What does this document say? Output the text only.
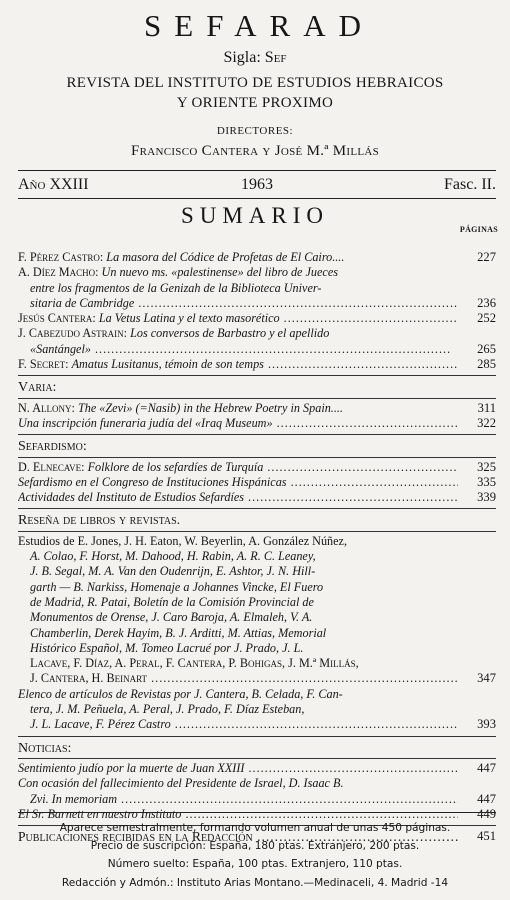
SEFARAD
Sigla: Sef
REVISTA DEL INSTITUTO DE ESTUDIOS HEBRAICOS
Y ORIENTE PROXIMO
DIRECTORES:
Francisco Cantera y José M.ª Millás
Año XXIII	1963	Fasc. II.
SUMARIO
PÁGINAS
F. Pérez Castro: La masora del Códice de Profetas de El Cairo....	227
A. Díez Macho: Un nuevo ms. «palestinense» del libro de Jueces
entre los fragmentos de la Genizah de la Biblioteca Univer-
sitaria de Cambridge .....	236
Jesús Cantera: La Vetus Latina y el texto masorético .....	252
J. Cabezudo Astrain: Los conversos de Barbastro y el apellido
«Santángel» .....	265
F. Secret: Amatus Lusitanus, témoin de son temps .....	285
Varia:
N. Allony: The «Zevi» (=Nasib) in the Hebrew Poetry in Spain....	311
Una inscripción funeraria judía del «Iraq Museum» .....	322
Sefardismo:
D. Elnecave: Folklore de los sefardíes de Turquía .....	325
Sefardismo en el Congreso de Instituciones Hispánicas .....	335
Actividades del Instituto de Estudios Sefardíes .....	339
Reseña de libros y revistas.
Estudios de E. Jones, J. H. Eaton, W. Beyerlin, A. González Núñez,
A. Colao, F. Horst, M. Dahood, H. Rabin, A. R. C. Leaney,
J. B. Segal, M. A. Van den Oudenrijn, E. Ashtor, J. N. Hill-
garth — B. Narkiss, Homenaje a Johannes Vincke, El Fuero
de Madrid, R. Patai, Boletín de la Comisión Provincial de
Monumentos de Orense, J. Caro Baroja, A. Elmaleh, V. A.
Chamberlin, Derek Hayim, B. J. Arditti, M. Attias, Memorial
Histórico Español, M. Tomeo Lacrué por J. Prado, J. L.
Lacave, F. Díaz, A. Peral, F. Cantera, P. Bohigas, J. M.ª Millás,
J. Cantera, H. Beinart .....	347
Elenco de artículos de Revistas por J. Cantera, B. Celada, F. Can-
tera, J. M. Peñuela, A. Peral, J. Prado, F. Díaz Esteban,
J. L. Lacave, F. Pérez Castro .....	393
Noticias:
Sentimiento judío por la muerte de Juan XXIII .....	447
Con ocasión del fallecimiento del Presidente de Israel, D. Isaac B.
Zvi. In memoriam .....	447
El Sr. Barnett en nuestro Instituto .....	449
Publicaciones recibidas en la Redacción .....	451
Aparece semestralmente, formando volumen anual de unas 450 páginas.
Precio de suscripción: España, 180 ptas. Extranjero, 200 ptas.
Número suelto: España, 100 ptas. Extranjero, 110 ptas.
Redacción y Admón.: Instituto Arias Montano.—Medinaceli, 4. Madrid -14
